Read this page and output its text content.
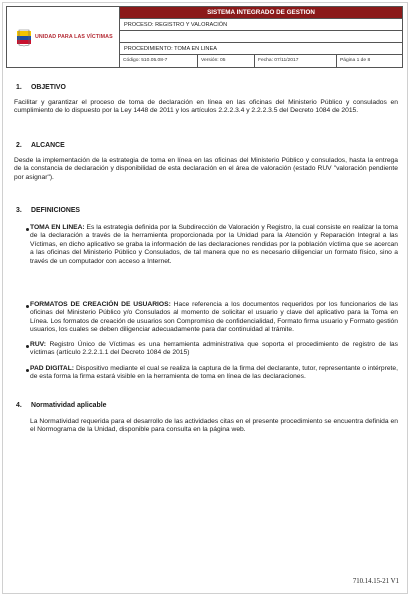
UNIDAD PARA LAS VÍCTIMAS
SISTEMA INTEGRADO DE GESTION
PROCESO: REGISTRO Y VALORACIÓN
PROCEDIMIENTO: TOMA EN LINEA
Código: 510.05.08-7	Versión: 05	Fecha: 07/11/2017	Página 1 de 8
1. OBJETIVO
Facilitar y garantizar el proceso de toma de declaración en línea en las oficinas del Ministerio Público y consulados en cumplimiento de lo dispuesto por la Ley 1448 de 2011 y los artículos 2.2.2.3.4 y 2.2.2.3.5 del Decreto 1084 de 2015.
2. ALCANCE
Desde la implementación de la estrategia de toma en línea en las oficinas del Ministerio Público y consulados, hasta la entrega de la constancia de declaración y disponibilidad de esta declaración en el área de valoración (estado RUV "valoración pendiente por asignar").
3. DEFINICIONES
TOMA EN LINEA: Es la estrategia definida por la Subdirección de Valoración y Registro, la cual consiste en realizar la toma de la declaración a través de la herramienta proporcionada por la Unidad para la Atención y Reparación Integral a las Víctimas, en dicho aplicativo se graba la información de las declaraciones rendidas por la población víctima que se acercan a las oficinas del Ministerio Público y Consulados, de tal manera que no es necesario diligenciar un formato físico, sino a través de un computador con acceso a Internet.
FORMATOS DE CREACIÓN DE USUARIOS: Hace referencia a los documentos requeridos por los funcionarios de las oficinas del Ministerio Público y/o Consulados al momento de solicitar el usuario y clave del aplicativo para la Toma en Línea. Los formatos de creación de usuarios son Compromiso de confidencialidad, Formato firma usuario y Formato gestión usuarios, los cuales se deben diligenciar adecuadamente para dar continuidad al trámite.
RUV: Registro Único de Víctimas es una herramienta administrativa que soporta el procedimiento de registro de las víctimas (artículo 2.2.2.1.1 del Decreto 1084 de 2015)
PAD DIGITAL: Dispositivo mediante el cual se realiza la captura de la firma del declarante, tutor, representante o intérprete, de esta forma la firma estará visible en la herramienta de toma en línea de las declaraciones.
4. Normatividad aplicable
La Normatividad requerida para el desarrollo de las actividades citas en el presente procedimiento se encuentra definida en el Normograma de la Unidad, disponible para consulta en la página web.
710.14.15-21 V1
